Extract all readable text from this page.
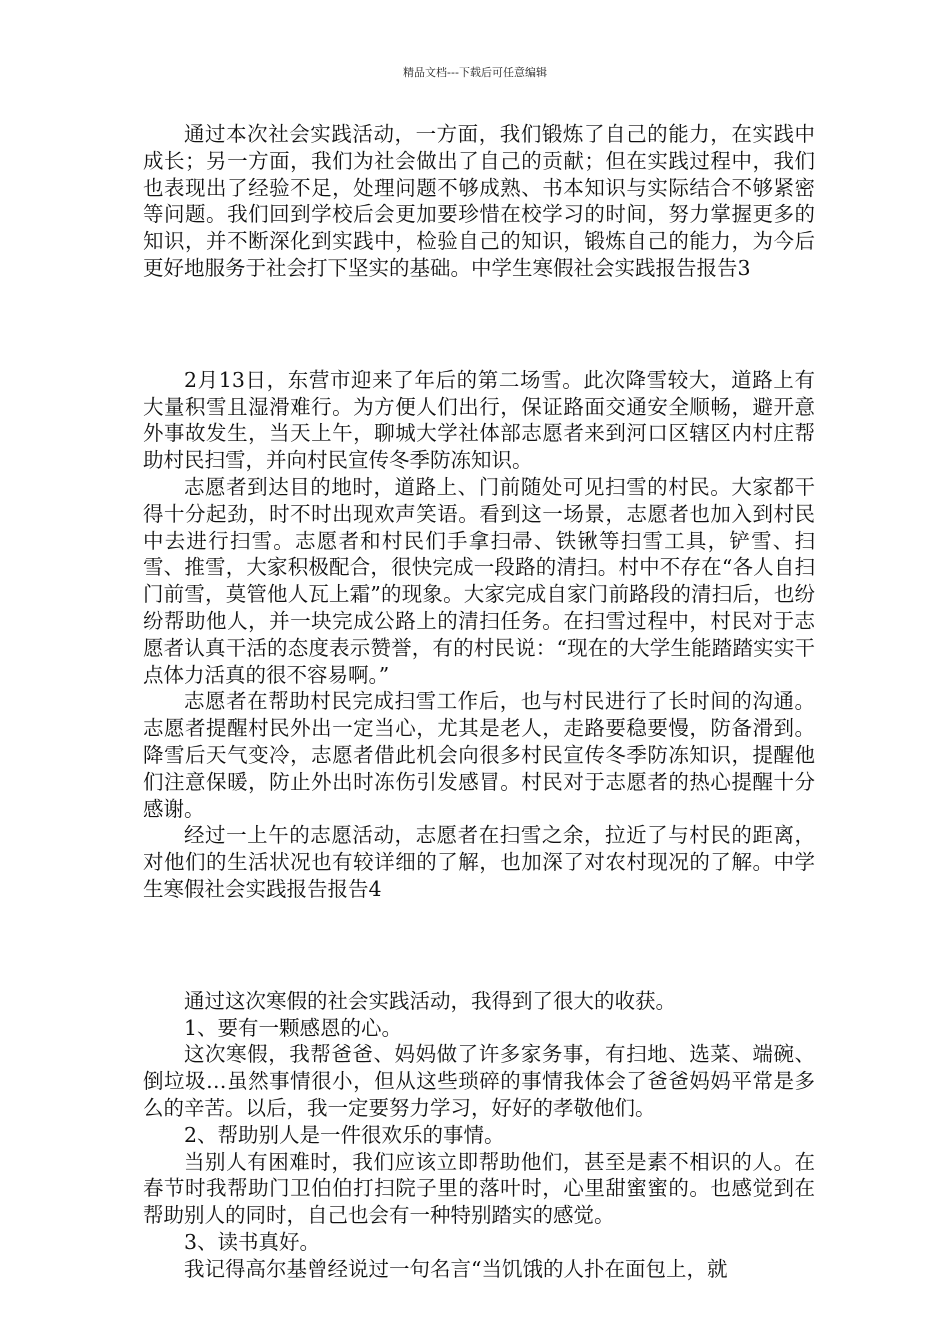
精品文档---下载后可任意编辑

通过本次社会实践活动，一方面，我们锻炼了自己的能力，在实践中成长；另一方面，我们为社会做出了自己的贡献；但在实践过程中，我们也表现出了经验不足，处理问题不够成熟、书本知识与实际结合不够紧密等问题。我们回到学校后会更加要珍惜在校学习的时间，努力掌握更多的知识，并不断深化到实践中，检验自己的知识，锻炼自己的能力，为今后更好地服务于社会打下坚实的基础。中学生寒假社会实践报告报告3

2月13日，东营市迎来了年后的第二场雪。此次降雪较大，道路上有大量积雪且湿滑难行。为方便人们出行，保证路面交通安全顺畅，避开意外事故发生，当天上午，聊城大学社体部志愿者来到河口区辖区内村庄帮助村民扫雪，并向村民宣传冬季防冻知识。

志愿者到达目的地时，道路上、门前随处可见扫雪的村民。大家都干得十分起劲，时不时出现欢声笑语。看到这一场景，志愿者也加入到村民中去进行扫雪。志愿者和村民们手拿扫帚、铁锹等扫雪工具，铲雪、扫雪、推雪，大家积极配合，很快完成一段路的清扫。村中不存在“各人自扫门前雪，莫管他人瓦上霜”的现象。大家完成自家门前路段的清扫后，也纷纷帮助他人，并一块完成公路上的清扫任务。在扫雪过程中，村民对于志愿者认真干活的态度表示赞誉，有的村民说：“现在的大学生能踏踏实实干点体力活真的很不容易啊。”

志愿者在帮助村民完成扫雪工作后，也与村民进行了长时间的沟通。志愿者提醒村民外出一定当心，尤其是老人，走路要稳要慢，防备滑到。降雪后天气变冷，志愿者借此机会向很多村民宣传冬季防冻知识，提醒他们注意保暖，防止外出时冻伤引发感冒。村民对于志愿者的热心提醒十分感谢。

经过一上午的志愿活动，志愿者在扫雪之余，拉近了与村民的距离，对他们的生活状况也有较详细的了解，也加深了对农村现况的了解。中学生寒假社会实践报告报告4

通过这次寒假的社会实践活动，我得到了很大的收获。

1、要有一颗感恩的心。

这次寒假，我帮爸爸、妈妈做了许多家务事，有扫地、选菜、端碗、倒垃圾…虽然事情很小，但从这些琐碎的事情我体会了爸爸妈妈平常是多么的辛苦。以后，我一定要努力学习，好好的孝敬他们。

2、帮助别人是一件很欢乐的事情。

当别人有困难时，我们应该立即帮助他们，甚至是素不相识的人。在春节时我帮助门卫伯伯打扫院子里的落叶时，心里甜蜜蜜的。也感觉到在帮助别人的同时，自己也会有一种特别踏实的感觉。

3、读书真好。

我记得高尔基曾经说过一句名言“当饥饿的人扑在面包上，就
